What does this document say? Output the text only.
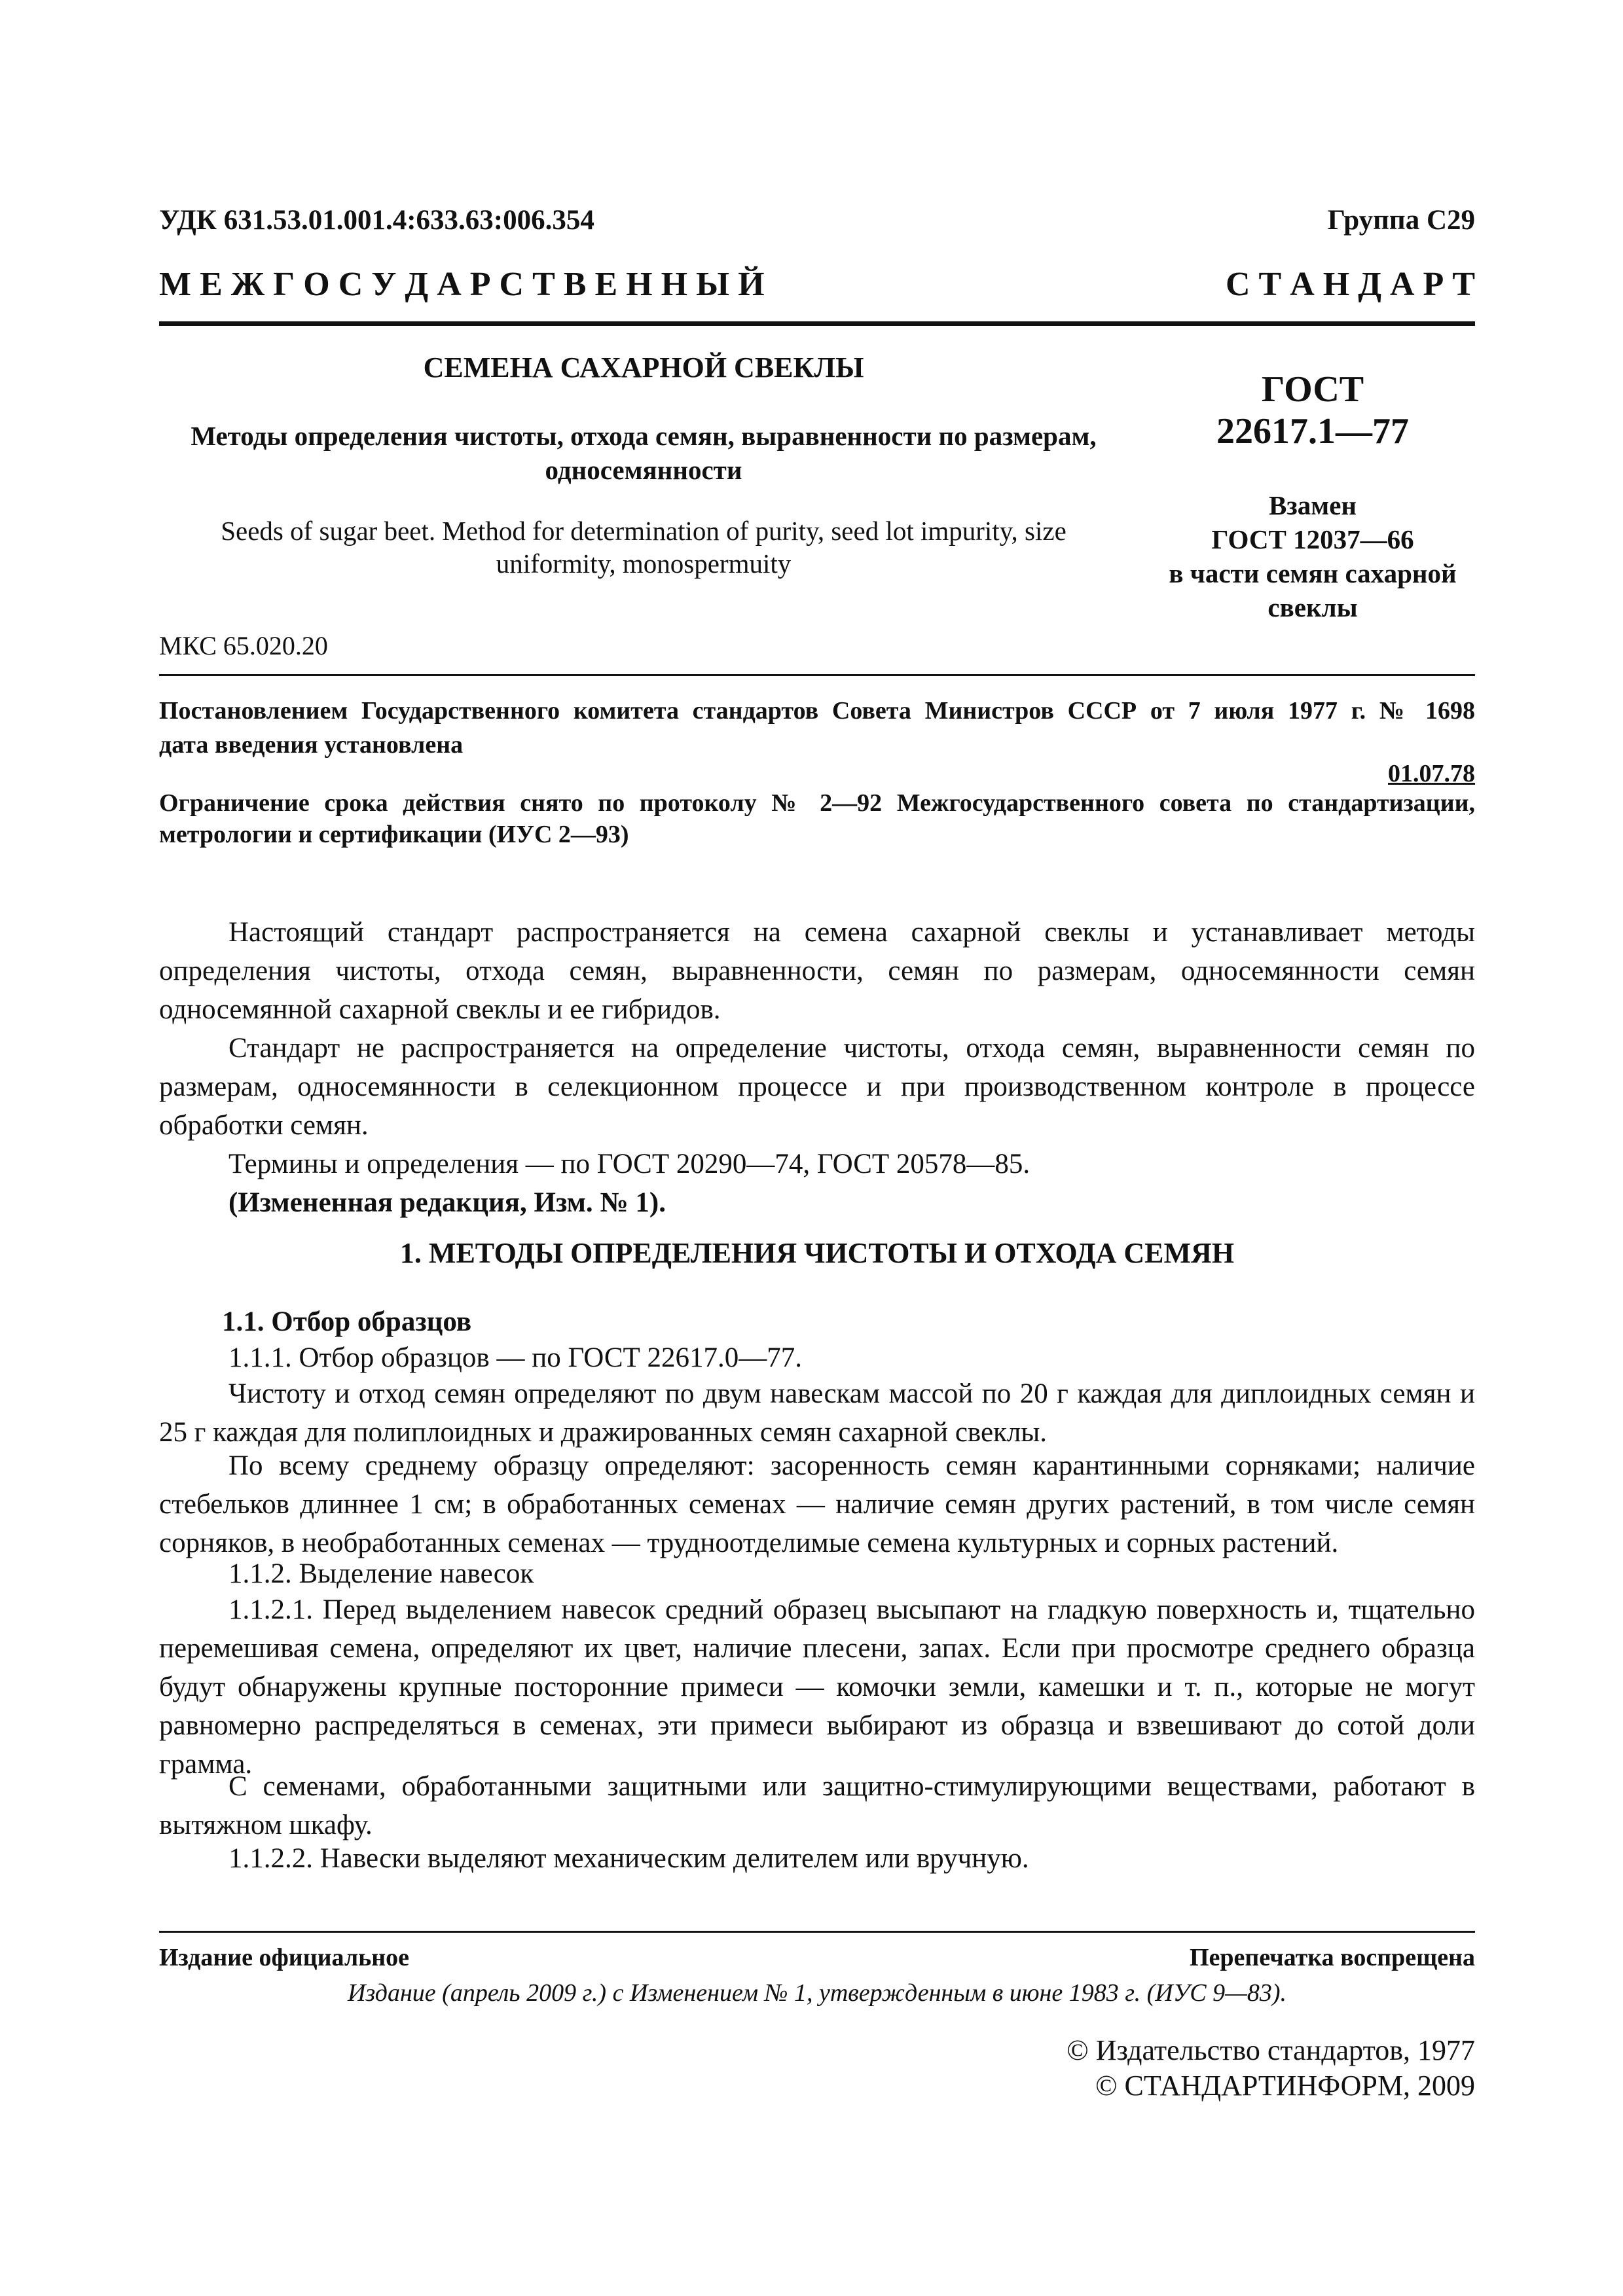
УДК 631.53.01.001.4:633.63:006.354	Группа С29
М Е Ж Г О С У Д А Р С Т В Е Н Н Ы Й	С Т А Н Д А Р Т
СЕМЕНА САХАРНОЙ СВЕКЛЫ
Методы определения чистоты, отхода семян, выравненности по размерам,
односемянности
Seeds of sugar beet. Method for determination of purity, seed lot impurity, size
uniformity, monospermuity
ГОСТ
22617.1—77
Взамен
ГОСТ 12037—66
в части семян сахарной
свеклы
МКС 65.020.20
Постановлением Государственного комитета стандартов Совета Министров СССР от 7 июля 1977 г. № 1698
дата введения установлена
01.07.78
Ограничение срока действия снято по протоколу № 2—92 Межгосударственного совета по стандартизации,
метрологии и сертификации (ИУС 2—93)

Настоящий стандарт распространяется на семена сахарной свеклы и устанавливает методы определения чистоты, отхода семян, выравненности, семян по размерам, односемянности семян односемянной сахарной свеклы и ее гибридов.

Стандарт не распространяется на определение чистоты, отхода семян, выравненности семян по размерам, односемянности в селекционном процессе и при производственном контроле в процессе обработки семян.

Термины и определения — по ГОСТ 20290—74, ГОСТ 20578—85.

(Измененная редакция, Изм. № 1).

1. МЕТОДЫ ОПРЕДЕЛЕНИЯ ЧИСТОТЫ И ОТХОДА СЕМЯН

1.1. Отбор образцов

1.1.1. Отбор образцов — по ГОСТ 22617.0—77.

Чистоту и отход семян определяют по двум навескам массой по 20 г каждая для диплоидных семян и 25 г каждая для полиплоидных и дражированных семян сахарной свеклы.

По всему среднему образцу определяют: засоренность семян карантинными сорняками; наличие стебельков длиннее 1 см; в обработанных семенах — наличие семян других растений, в том числе семян сорняков, в необработанных семенах — трудноотделимые семена культурных и сорных растений.

1.1.2. Выделение навесок

1.1.2.1. Перед выделением навесок средний образец высыпают на гладкую поверхность и, тщательно перемешивая семена, определяют их цвет, наличие плесени, запах. Если при просмотре среднего образца будут обнаружены крупные посторонние примеси — комочки земли, камешки и т. п., которые не могут равномерно распределяться в семенах, эти примеси выбирают из образца и взвешивают до сотой доли грамма.

С семенами, обработанными защитными или защитно-стимулирующими веществами, работают в вытяжном шкафу.

1.1.2.2. Навески выделяют механическим делителем или вручную.

Издание официальное	Перепечатка воспрещена
Издание (апрель 2009 г.) с Изменением № 1, утвержденным в июне 1983 г. (ИУС 9—83).
© Издательство стандартов, 1977
© СТАНДАРТИНФОРМ, 2009
